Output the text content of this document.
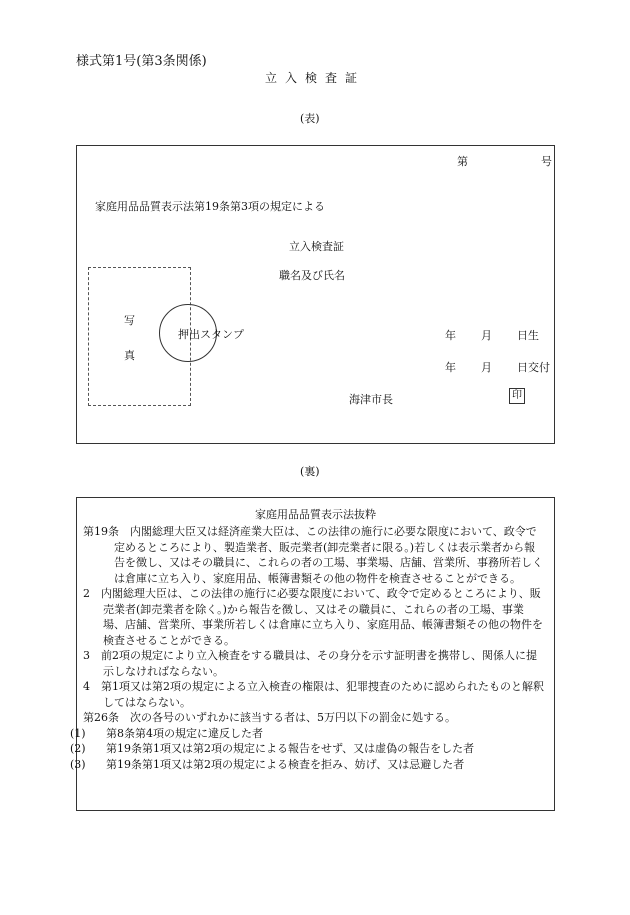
様式第1号(第3条関係)
立入検査証
(表)
第	号
家庭用品品質表示法第19条第3項の規定による
立入検査証
職名及び氏名
写
真
押出スタンプ	年 月 日生
年 月 日交付
海津市長	印
(裏)
家庭用品品質表示法抜粋

第19条　内閣総理大臣又は経済産業大臣は、この法律の施行に必要な限度において、政令で定めるところにより、製造業者、販売業者(卸売業者に限る。)若しくは表示業者から報告を徴し、又はその職員に、これらの者の工場、事業場、店舗、営業所、事務所若しくは倉庫に立ち入り、家庭用品、帳簿書類その他の物件を検査させることができる。

2　内閣総理大臣は、この法律の施行に必要な限度において、政令で定めるところにより、販売業者(卸売業者を除く。)から報告を徴し、又はその職員に、これらの者の工場、事業場、店舗、営業所、事業所若しくは倉庫に立ち入り、家庭用品、帳簿書類その他の物件を検査させることができる。

3　前2項の規定により立入検査をする職員は、その身分を示す証明書を携帯し、関係人に提示しなければならない。

4　第1項又は第2項の規定による立入検査の権限は、犯罪捜査のために認められたものと解釈してはならない。

第26条　次の各号のいずれかに該当する者は、5万円以下の罰金に処する。

(1)　 第8条第4項の規定に違反した者

(2)　 第19条第1項又は第2項の規定による報告をせず、又は虚偽の報告をした者

(3)　 第19条第1項又は第2項の規定による検査を拒み、妨げ、又は忌避した者
